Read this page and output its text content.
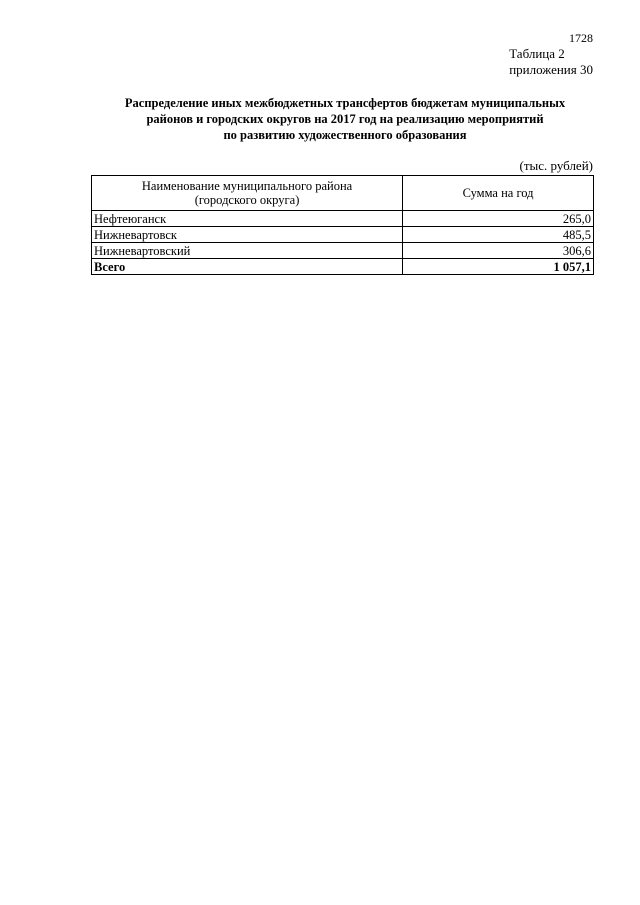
1728
Таблица 2
приложения 30
Распределение иных межбюджетных трансфертов бюджетам муниципальных
районов и городских округов на 2017 год на реализацию мероприятий
по развитию художественного образования
(тыс. рублей)
Наименование муниципального района
(городского округа)	Сумма на год
Нефтеюганск	265,0
Нижневартовск	485,5
Нижневартовский	306,6
Всего	1 057,1
